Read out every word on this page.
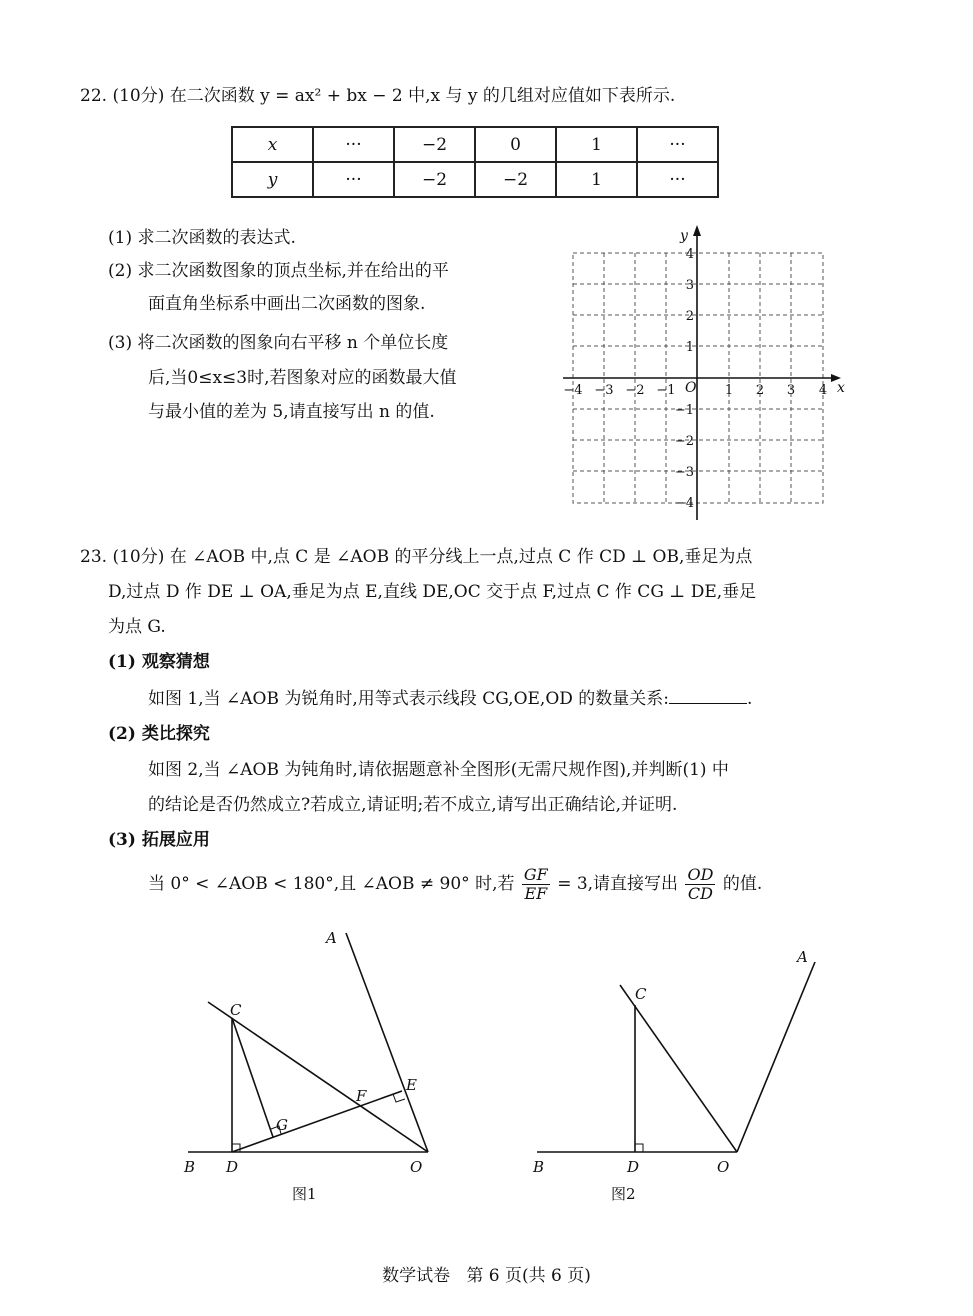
22. (10分) 在二次函数 y = ax² + bx − 2 中,x 与 y 的几组对应值如下表所示.
x	···	−2	0	1	···
y	···	−2	−2	1	···
(1) 求二次函数的表达式.
(2) 求二次函数图象的顶点坐标,并在给出的平
面直角坐标系中画出二次函数的图象.
(3) 将二次函数的图象向右平移 n 个单位长度
后,当0≤x≤3时,若图象对应的函数最大值
与最小值的差为 5,请直接写出 n 的值.
x
y
O
−4 −3 −2 −1	1 2 3 4
4
3
2
1
−1
−2
−3
−4
23. (10分) 在 ∠AOB 中,点 C 是 ∠AOB 的平分线上一点,过点 C 作 CD ⊥ OB,垂足为点
D,过点 D 作 DE ⊥ OA,垂足为点 E,直线 DE,OC 交于点 F,过点 C 作 CG ⊥ DE,垂足
为点 G.
(1) 观察猜想
如图 1,当 ∠AOB 为锐角时,用等式表示线段 CG,OE,OD 的数量关系:	.
(2) 类比探究
如图 2,当 ∠AOB 为钝角时,请依据题意补全图形(无需尺规作图),并判断(1) 中
的结论是否仍然成立?若成立,请证明;若不成立,请写出正确结论,并证明.
(3) 拓展应用
当 0° < ∠AOB < 180°,且 ∠AOB ≠ 90° 时,若 $\frac{GF}{EF} = 3$,请直接写出 $\frac{OD}{CD}$ 的值.
A
B
C
D
E
F
G
O
图1
A
B
C
D	O
图2
数学试卷   第 6 页(共 6 页)
